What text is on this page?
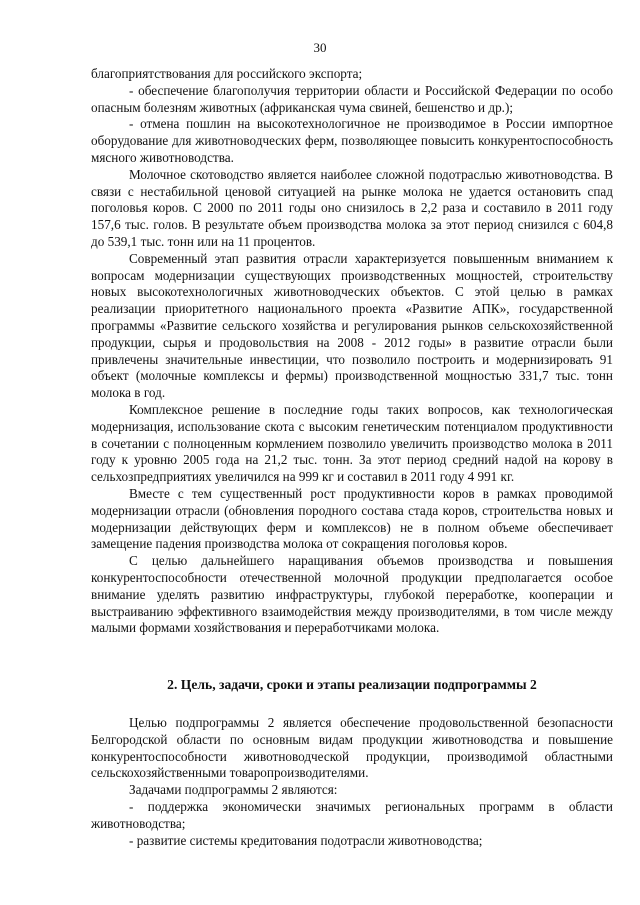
30

благоприятствования для российского экспорта;

- обеспечение благополучия территории области и Российской Федерации по особо опасным болезням животных (африканская чума свиней, бешенство и др.);

- отмена пошлин на высокотехнологичное не производимое в России импортное оборудование для животноводческих ферм, позволяющее повысить конкурентоспособность мясного животноводства.

Молочное скотоводство является наиболее сложной подотраслью животноводства. В связи с нестабильной ценовой ситуацией на рынке молока не удается остановить спад поголовья коров. С 2000 по 2011 годы оно снизилось в 2,2 раза и составило в 2011 году 157,6 тыс. голов. В результате объем производства молока за этот период снизился с 604,8 до 539,1 тыс. тонн или на 11 процентов.

Современный этап развития отрасли характеризуется повышенным вниманием к вопросам модернизации существующих производственных мощностей, строительству новых высокотехнологичных животноводческих объектов. С этой целью в рамках реализации приоритетного национального проекта «Развитие АПК», государственной программы «Развитие сельского хозяйства и регулирования рынков сельскохозяйственной продукции, сырья и продовольствия на 2008 - 2012 годы» в развитие отрасли были привлечены значительные инвестиции, что позволило построить и модернизировать 91 объект (молочные комплексы и фермы) производственной мощностью 331,7 тыс. тонн молока в год.

Комплексное решение в последние годы таких вопросов, как технологическая модернизация, использование скота с высоким генетическим потенциалом продуктивности в сочетании с полноценным кормлением позволило увеличить производство молока в 2011 году к уровню 2005 года на 21,2 тыс. тонн. За этот период средний надой на корову в сельхозпредприятиях увеличился на 999 кг и составил в 2011 году 4 991 кг.

Вместе с тем существенный рост продуктивности коров в рамках проводимой модернизации отрасли (обновления породного состава стада коров, строительства новых и модернизации действующих ферм и комплексов) не в полном объеме обеспечивает замещение падения производства молока от сокращения поголовья коров.

С целью дальнейшего наращивания объемов производства и повышения конкурентоспособности отечественной молочной продукции предполагается особое внимание уделять развитию инфраструктуры, глубокой переработке, кооперации и выстраиванию эффективного взаимодействия между производителями, в том числе между малыми формами хозяйствования и переработчиками молока.

2. Цель, задачи, сроки и этапы реализации подпрограммы 2

Целью подпрограммы 2 является обеспечение продовольственной безопасности Белгородской области по основным видам продукции животноводства и повышение конкурентоспособности животноводческой продукции, производимой областными сельскохозяйственными товаропроизводителями.

Задачами подпрограммы 2 являются:

- поддержка экономически значимых региональных программ в области животноводства;

- развитие системы кредитования подотрасли животноводства;
